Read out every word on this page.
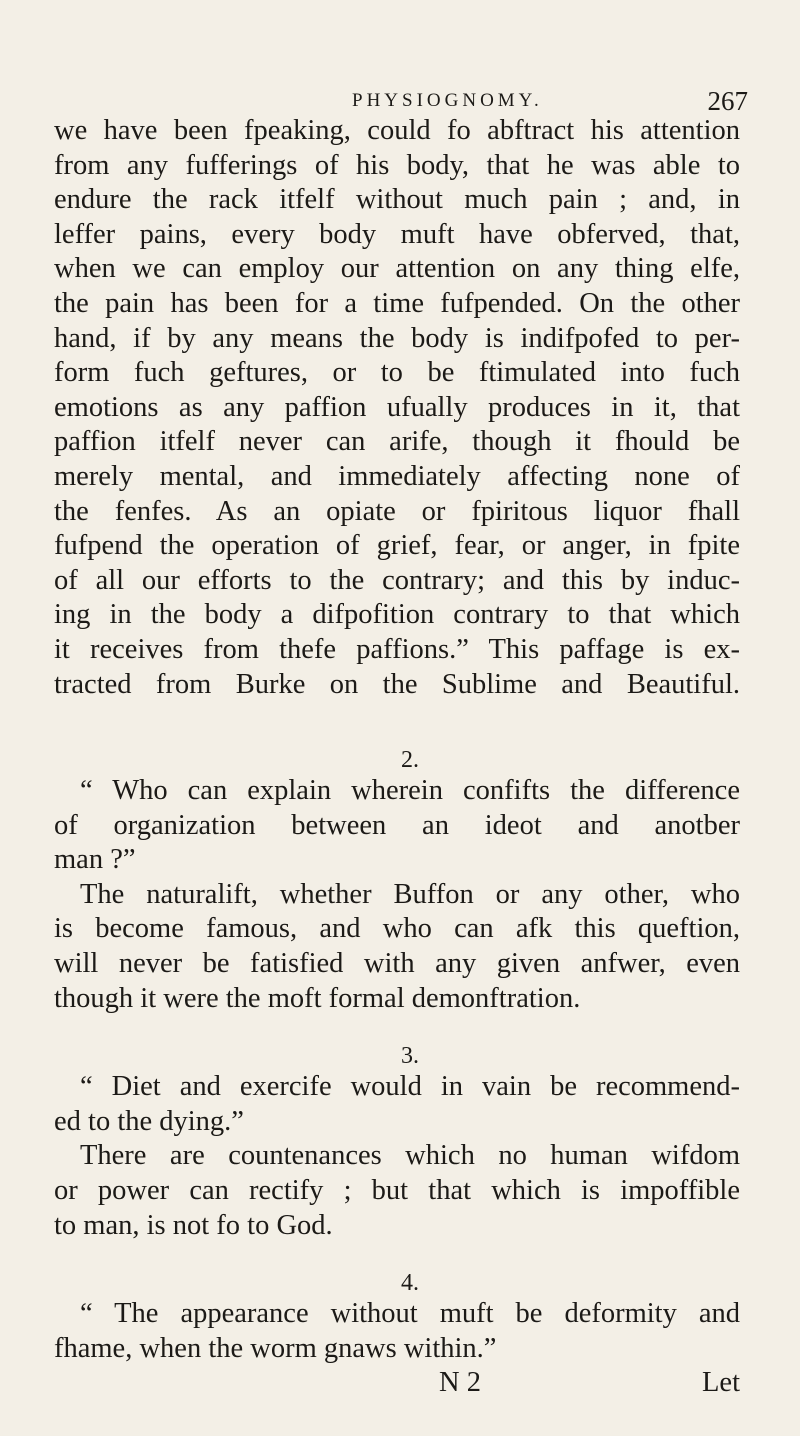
PHYSIOGNOMY.	267
we have been fpeaking, could fo abftract his attention
from any fufferings of his body, that he was able to
endure the rack itfelf without much pain ; and, in
leffer pains, every body muft have obferved, that,
when we can employ our attention on any thing elfe,
the pain has been for a time fufpended. On the other
hand, if by any means the body is indifpofed to per-
form fuch geftures, or to be ftimulated into fuch
emotions as any paffion ufually produces in it, that
paffion itfelf never can arife, though it fhould be
merely mental, and immediately affecting none of
the fenfes. As an opiate or fpiritous liquor fhall
fufpend the operation of grief, fear, or anger, in fpite
of all our efforts to the contrary; and this by induc-
ing in the body a difpofition contrary to that which
it receives from thefe paffions.” This paffage is ex-
tracted from Burke on the Sublime and Beautiful.
2.
“ Who can explain wherein confifts the difference
of organization between an ideot and anotber
man ?”
The naturalift, whether Buffon or any other, who
is become famous, and who can afk this queftion,
will never be fatisfied with any given anfwer, even
though it were the moft formal demonftration.
3.
“ Diet and exercife would in vain be recommend-
ed to the dying.”
There are countenances which no human wifdom
or power can rectify ; but that which is impoffible
to man, is not fo to God.
4.
“ The appearance without muft be deformity and
fhame, when the worm gnaws within.”
N 2	Let
